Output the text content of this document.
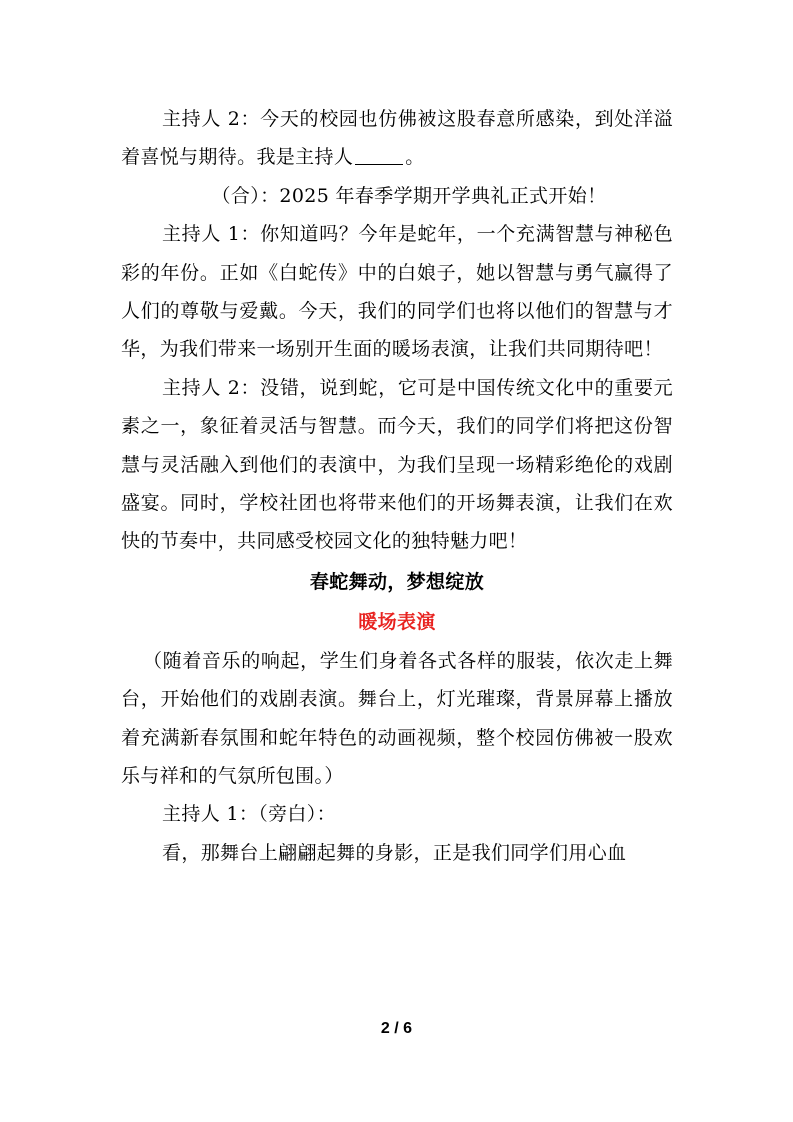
主持人 2：今天的校园也仿佛被这股春意所感染，到处洋溢着喜悦与期待。我是主持人	。

（合）：2025 年春季学期开学典礼正式开始！

主持人 1：你知道吗？今年是蛇年，一个充满智慧与神秘色彩的年份。正如《白蛇传》中的白娘子，她以智慧与勇气赢得了人们的尊敬与爱戴。今天，我们的同学们也将以他们的智慧与才华，为我们带来一场别开生面的暖场表演，让我们共同期待吧！

主持人 2：没错，说到蛇，它可是中国传统文化中的重要元素之一，象征着灵活与智慧。而今天，我们的同学们将把这份智慧与灵活融入到他们的表演中，为我们呈现一场精彩绝伦的戏剧盛宴。同时，学校社团也将带来他们的开场舞表演，让我们在欢快的节奏中，共同感受校园文化的独特魅力吧！

春蛇舞动，梦想绽放

暖场表演

（随着音乐的响起，学生们身着各式各样的服装，依次走上舞台，开始他们的戏剧表演。舞台上，灯光璀璨，背景屏幕上播放着充满新春氛围和蛇年特色的动画视频，整个校园仿佛被一股欢乐与祥和的气氛所包围。）

主持人 1：（旁白）：

看，那舞台上翩翩起舞的身影，正是我们同学们用心血

2 / 6
